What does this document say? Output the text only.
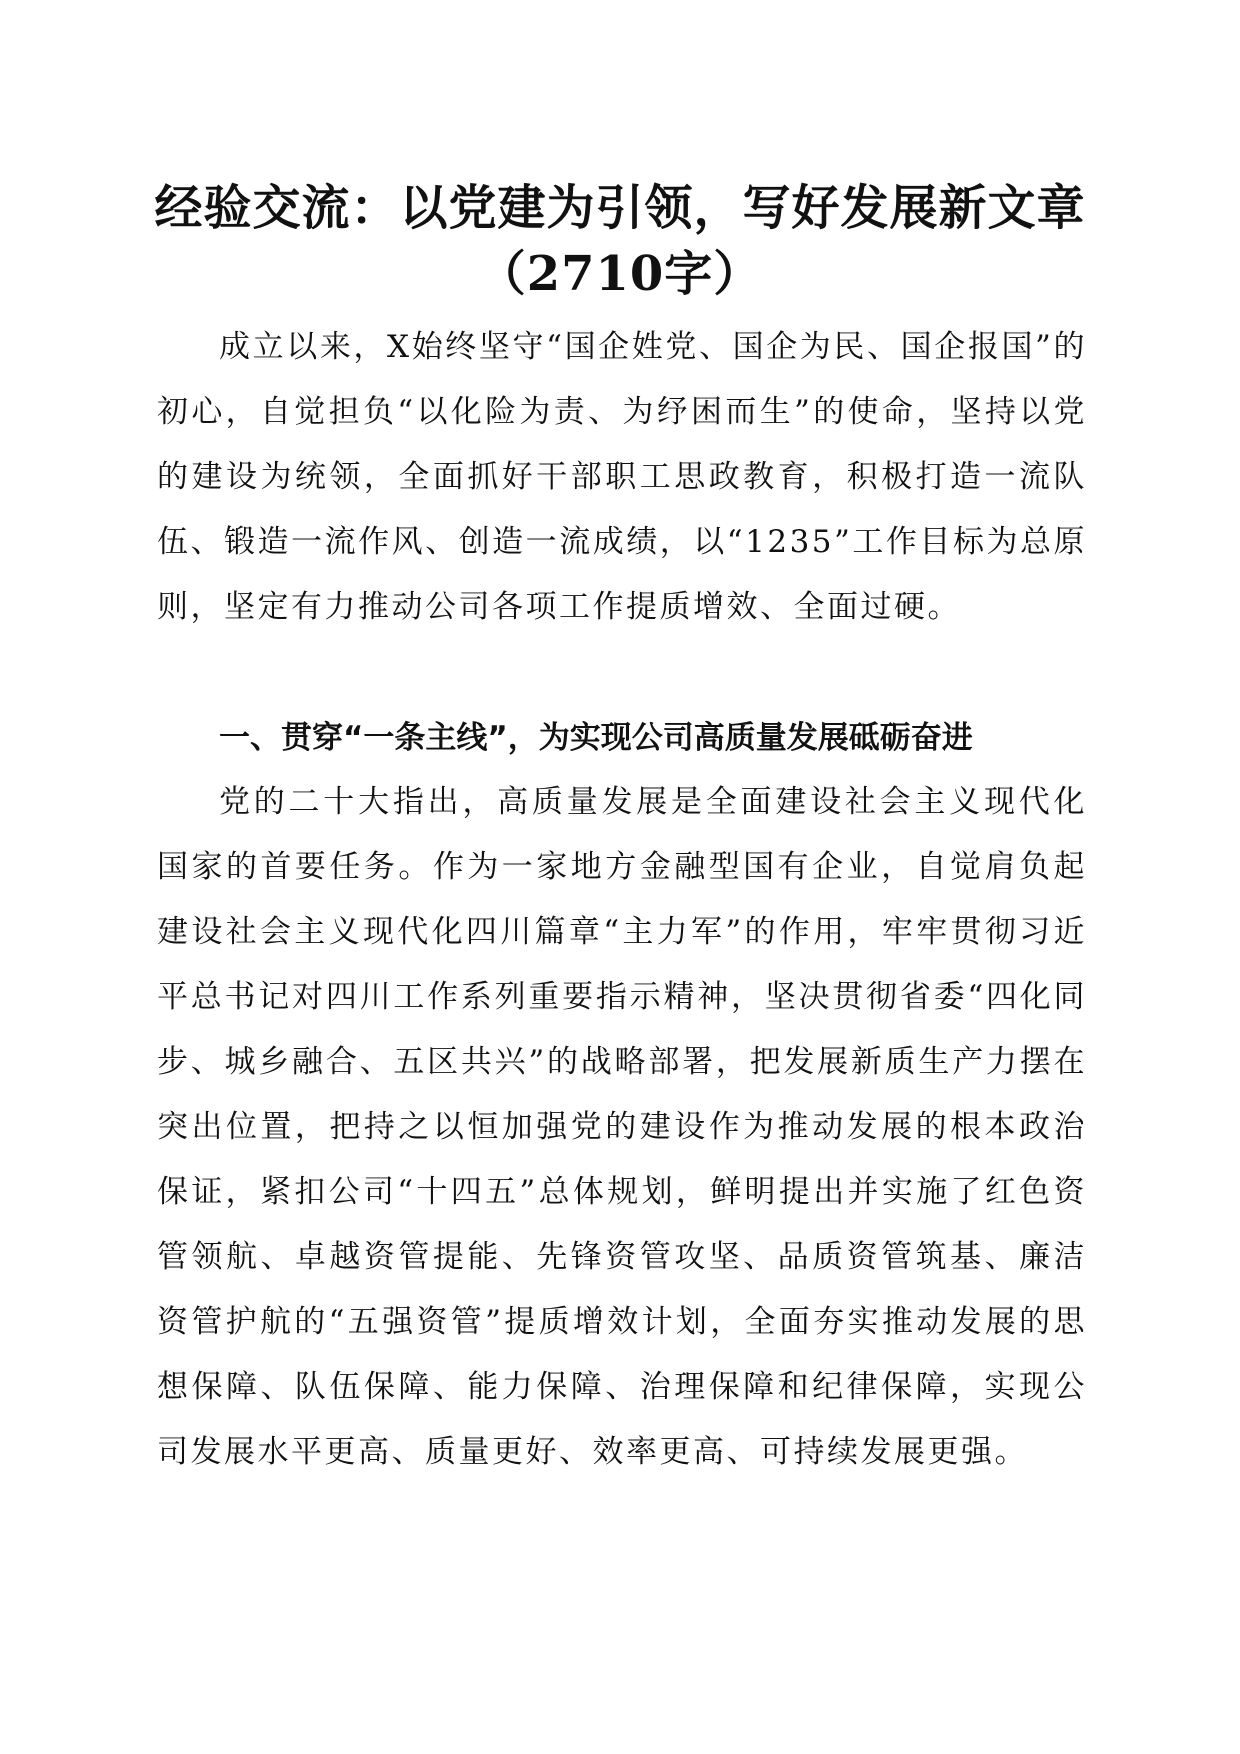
经验交流：以党建为引领，写好发展新文章
（2710字）

成立以来，X始终坚守“国企姓党、国企为民、国企报国”的初心，自觉担负“以化险为责、为纾困而生”的使命，坚持以党的建设为统领，全面抓好干部职工思政教育，积极打造一流队伍、锻造一流作风、创造一流成绩，以“1235”工作目标为总原则，坚定有力推动公司各项工作提质增效、全面过硬。

一、贯穿“一条主线”，为实现公司高质量发展砥砺奋进

党的二十大指出，高质量发展是全面建设社会主义现代化国家的首要任务。作为一家地方金融型国有企业，自觉肩负起建设社会主义现代化四川篇章“主力军”的作用，牢牢贯彻习近平总书记对四川工作系列重要指示精神，坚决贯彻省委“四化同步、城乡融合、五区共兴”的战略部署，把发展新质生产力摆在突出位置，把持之以恒加强党的建设作为推动发展的根本政治保证，紧扣公司“十四五”总体规划，鲜明提出并实施了红色资管领航、卓越资管提能、先锋资管攻坚、品质资管筑基、廉洁资管护航的“五强资管”提质增效计划，全面夯实推动发展的思想保障、队伍保障、能力保障、治理保障和纪律保障，实现公司发展水平更高、质量更好、效率更高、可持续发展更强。
